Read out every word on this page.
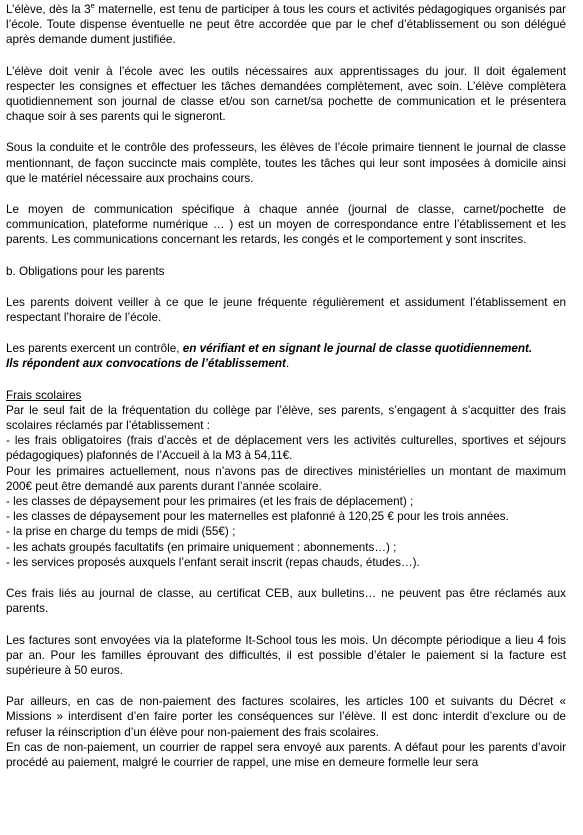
L’élève, dès la 3e maternelle, est tenu de participer à tous les cours et activités pédagogiques organisés par l’école. Toute dispense éventuelle ne peut être accordée que par le chef d’établissement ou son délégué après demande dument justifiée.

L’élève doit venir à l’école avec les outils nécessaires aux apprentissages du jour. Il doit également respecter les consignes et effectuer les tâches demandées complètement, avec soin. L’élève complètera quotidiennement son journal de classe et/ou son carnet/sa pochette de communication et le présentera chaque soir à ses parents qui le signeront.

Sous la conduite et le contrôle des professeurs, les élèves de l’école primaire tiennent le journal de classe mentionnant, de façon succincte mais complète, toutes les tâches qui leur sont imposées à domicile ainsi que le matériel nécessaire aux prochains cours.

Le moyen de communication spécifique à chaque année (journal de classe, carnet/pochette de communication, plateforme numérique … ) est un moyen de correspondance entre l’établissement et les parents. Les communications concernant les retards, les congés et le comportement y sont inscrites.

b. Obligations pour les parents

Les parents doivent veiller à ce que le jeune fréquente régulièrement et assidument l’établissement en respectant l’horaire de l’école.

Les parents exercent un contrôle, en vérifiant et en signant le journal de classe quotidiennement.
Ils répondent aux convocations de l’établissement.

Frais scolaires

Par le seul fait de la fréquentation du collège par l’élève, ses parents, s’engagent à s’acquitter des frais scolaires réclamés par l’établissement :

- les frais obligatoires (frais d’accès et de déplacement vers les activités culturelles, sportives et séjours pédagogiques) plafonnés de l’Accueil à la M3 à 54,11€.

Pour les primaires actuellement, nous n’avons pas de directives ministérielles un montant de maximum 200€ peut être demandé aux parents durant l’année scolaire.

- les classes de dépaysement pour les primaires (et les frais de déplacement) ;

- les classes de dépaysement pour les maternelles est plafonné à 120,25 € pour les trois années.

- la prise en charge du temps de midi (55€) ;

- les achats groupés facultatifs (en primaire uniquement : abonnements…) ;

- les services proposés auxquels l’enfant serait inscrit (repas chauds, études…).

Ces frais liés au journal de classe, au certificat CEB, aux bulletins… ne peuvent pas être réclamés aux parents.

Les factures sont envoyées via la plateforme It-School tous les mois. Un décompte périodique a lieu 4 fois par an. Pour les familles éprouvant des difficultés, il est possible d’étaler le paiement si la facture est supérieure à 50 euros.

Par ailleurs, en cas de non-paiement des factures scolaires, les articles 100 et suivants du Décret « Missions » interdisent d’en faire porter les conséquences sur l’élève. Il est donc interdit d’exclure ou de refuser la réinscription d’un élève pour non-paiement des frais scolaires.

En cas de non-paiement, un courrier de rappel sera envoyé aux parents. A défaut pour les parents d’avoir procédé au paiement, malgré le courrier de rappel, une mise en demeure formelle leur sera
